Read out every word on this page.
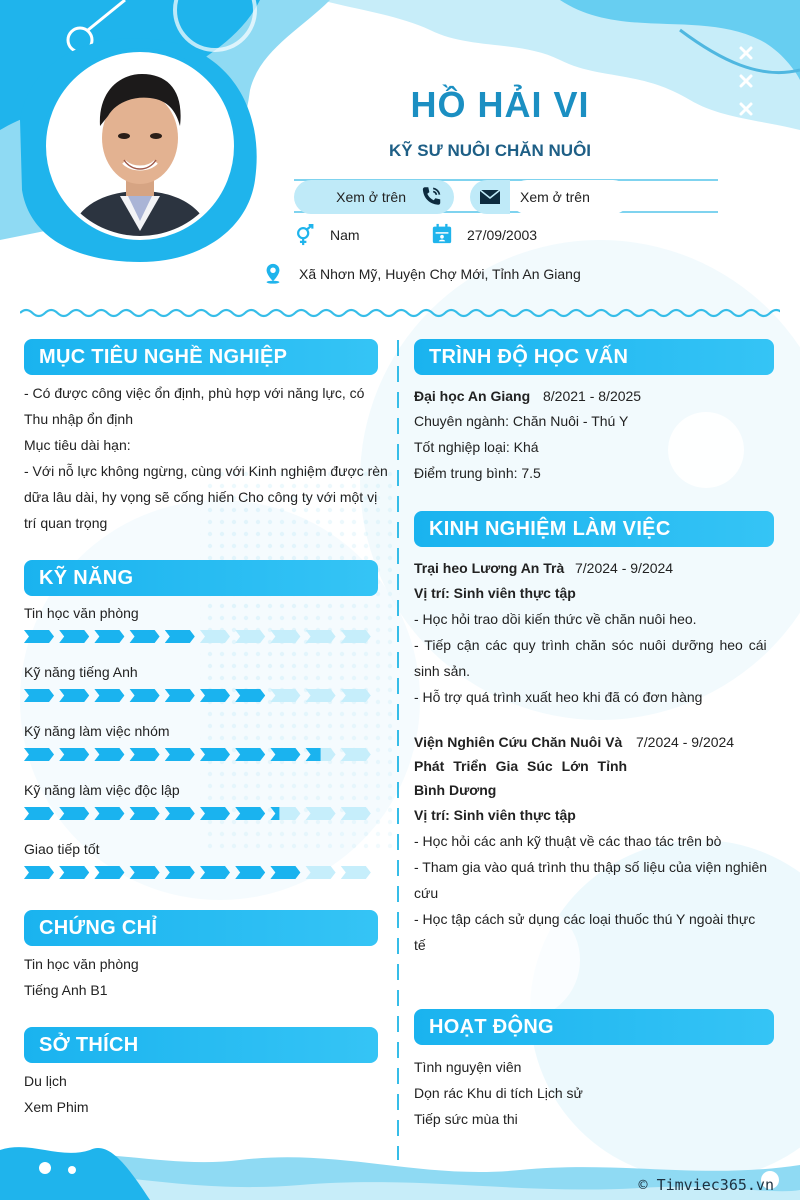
HỒ HẢI VI
KỸ SƯ NUÔI CHĂN NUÔI
Xem ở trên	Xem ở trên
Nam	27/09/2003
Xã Nhơn Mỹ, Huyện Chợ Mới, Tỉnh An Giang
MỤC TIÊU NGHỀ NGHIỆP
- Có được công việc ổn định, phù hợp với năng lực, có
Thu nhập ổn định
Mục tiêu dài hạn:
- Với nỗ lực không ngừng, cùng với Kinh nghiệm được rèn
dữa lâu dài, hy vọng sẽ cống hiến Cho công ty với một vị
trí quan trọng
KỸ NĂNG
Tin học văn phòng
Kỹ năng tiếng Anh
Kỹ năng làm việc nhóm
Kỹ năng làm việc độc lập
Giao tiếp tốt
CHỨNG CHỈ
Tin học văn phòng
Tiếng Anh B1
SỞ THÍCH
Du lịch
Xem Phim
TRÌNH ĐỘ HỌC VẤN
Đại học An Giang 8/2021 - 8/2025
Chuyên ngành: Chăn Nuôi - Thú Y
Tốt nghiệp loại: Khá
Điểm trung bình: 7.5
KINH NGHIỆM LÀM VIỆC
Trại heo Lương An Trà 7/2024 - 9/2024
Vị trí: Sinh viên thực tập
- Học hỏi trao dồi kiến thức về chăn nuôi heo.
- Tiếp cận các quy trình chăn sóc nuôi dưỡng heo cái
sinh sản.
- Hỗ trợ quá trình xuất heo khi đã có đơn hàng
Viện Nghiên Cứu Chăn Nuôi Và
Phát Triển Gia Súc Lớn Tỉnh
Bình Dương
7/2024 - 9/2024
Vị trí: Sinh viên thực tập
- Học hỏi các anh kỹ thuật về các thao tác trên bò
- Tham gia vào quá trình thu thập số liệu của viện nghiên
cứu
- Học tập cách sử dụng các loại thuốc thú Y ngoài thực
tế
HOẠT ĐỘNG
Tình nguyện viên
Dọn rác Khu di tích Lịch sử
Tiếp sức mùa thi
© Timviec365.vn
